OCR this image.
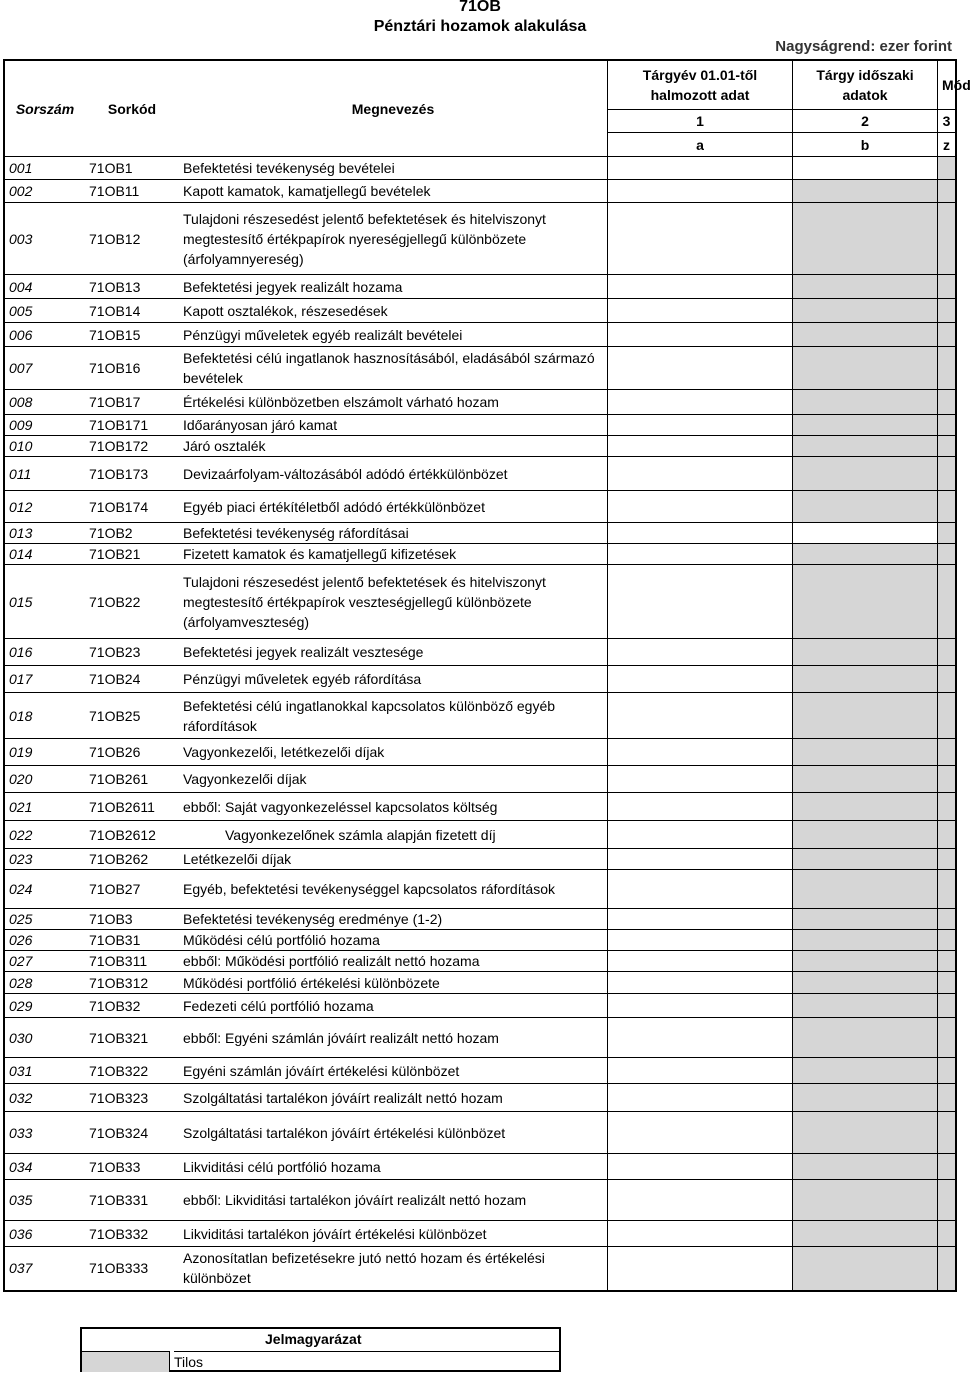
71OB
Pénztári hozamok alakulása
Nagyságrend: ezer forint
Sorszám	Sorkód	Megnevezés	Tárgyév 01.01-től halmozott adat	Tárgy időszaki adatok	Mód
			1	2	3
			a	b	z
001	71OB1	Befektetési tevékenység bevételei			
002	71OB11	Kapott kamatok, kamatjellegű bevételek			
003	71OB12	Tulajdoni részesedést jelentő befektetések és hitelviszonyt megtestesítő értékpapírok nyereségjellegű különbözete (árfolyamnyereség)			
004	71OB13	Befektetési jegyek realizált hozama			
005	71OB14	Kapott osztalékok, részesedések			
006	71OB15	Pénzügyi műveletek egyéb realizált bevételei			
007	71OB16	Befektetési célú ingatlanok hasznosításából, eladásából származó bevételek			
008	71OB17	Értékelési különbözetben elszámolt várható hozam			
009	71OB171	Időarányosan járó kamat			
010	71OB172	Járó osztalék			
011	71OB173	Devizaárfolyam-változásából adódó értékkülönbözet			
012	71OB174	Egyéb piaci értékítéletből adódó értékkülönbözet			
013	71OB2	Befektetési tevékenység ráfordításai			
014	71OB21	Fizetett kamatok és kamatjellegű kifizetések			
015	71OB22	Tulajdoni részesedést jelentő befektetések és hitelviszonyt megtestesítő értékpapírok veszteségjellegű különbözete (árfolyamveszteség)			
016	71OB23	Befektetési jegyek realizált vesztesége			
017	71OB24	Pénzügyi műveletek egyéb ráfordítása			
018	71OB25	Befektetési célú ingatlanokkal kapcsolatos különböző egyéb ráfordítások			
019	71OB26	Vagyonkezelői, letétkezelői díjak			
020	71OB261	Vagyonkezelői díjak			
021	71OB2611	ebből: Saját vagyonkezeléssel kapcsolatos költség			
022	71OB2612	Vagyonkezelőnek számla alapján fizetett díj			
023	71OB262	Letétkezelői díjak			
024	71OB27	Egyéb, befektetési tevékenységgel kapcsolatos ráfordítások			
025	71OB3	Befektetési tevékenység eredménye (1-2)			
026	71OB31	Működési célú portfólió hozama			
027	71OB311	ebből: Működési portfólió realizált nettó hozama			
028	71OB312	Működési portfólió értékelési különbözete			
029	71OB32	Fedezeti célú portfólió hozama			
030	71OB321	ebből: Egyéni számlán jóváírt realizált nettó hozam			
031	71OB322	Egyéni számlán jóváírt értékelési különbözet			
032	71OB323	Szolgáltatási tartalékon jóváírt realizált nettó hozam			
033	71OB324	Szolgáltatási tartalékon jóváírt értékelési különbözet			
034	71OB33	Likviditási célú portfólió hozama			
035	71OB331	ebből: Likviditási tartalékon jóváírt realizált nettó hozam			
036	71OB332	Likviditási tartalékon jóváírt értékelési különbözet			
037	71OB333	Azonosítatlan befizetésekre jutó nettó hozam és értékelési különbözet			
Jelmagyarázat
Tilos
